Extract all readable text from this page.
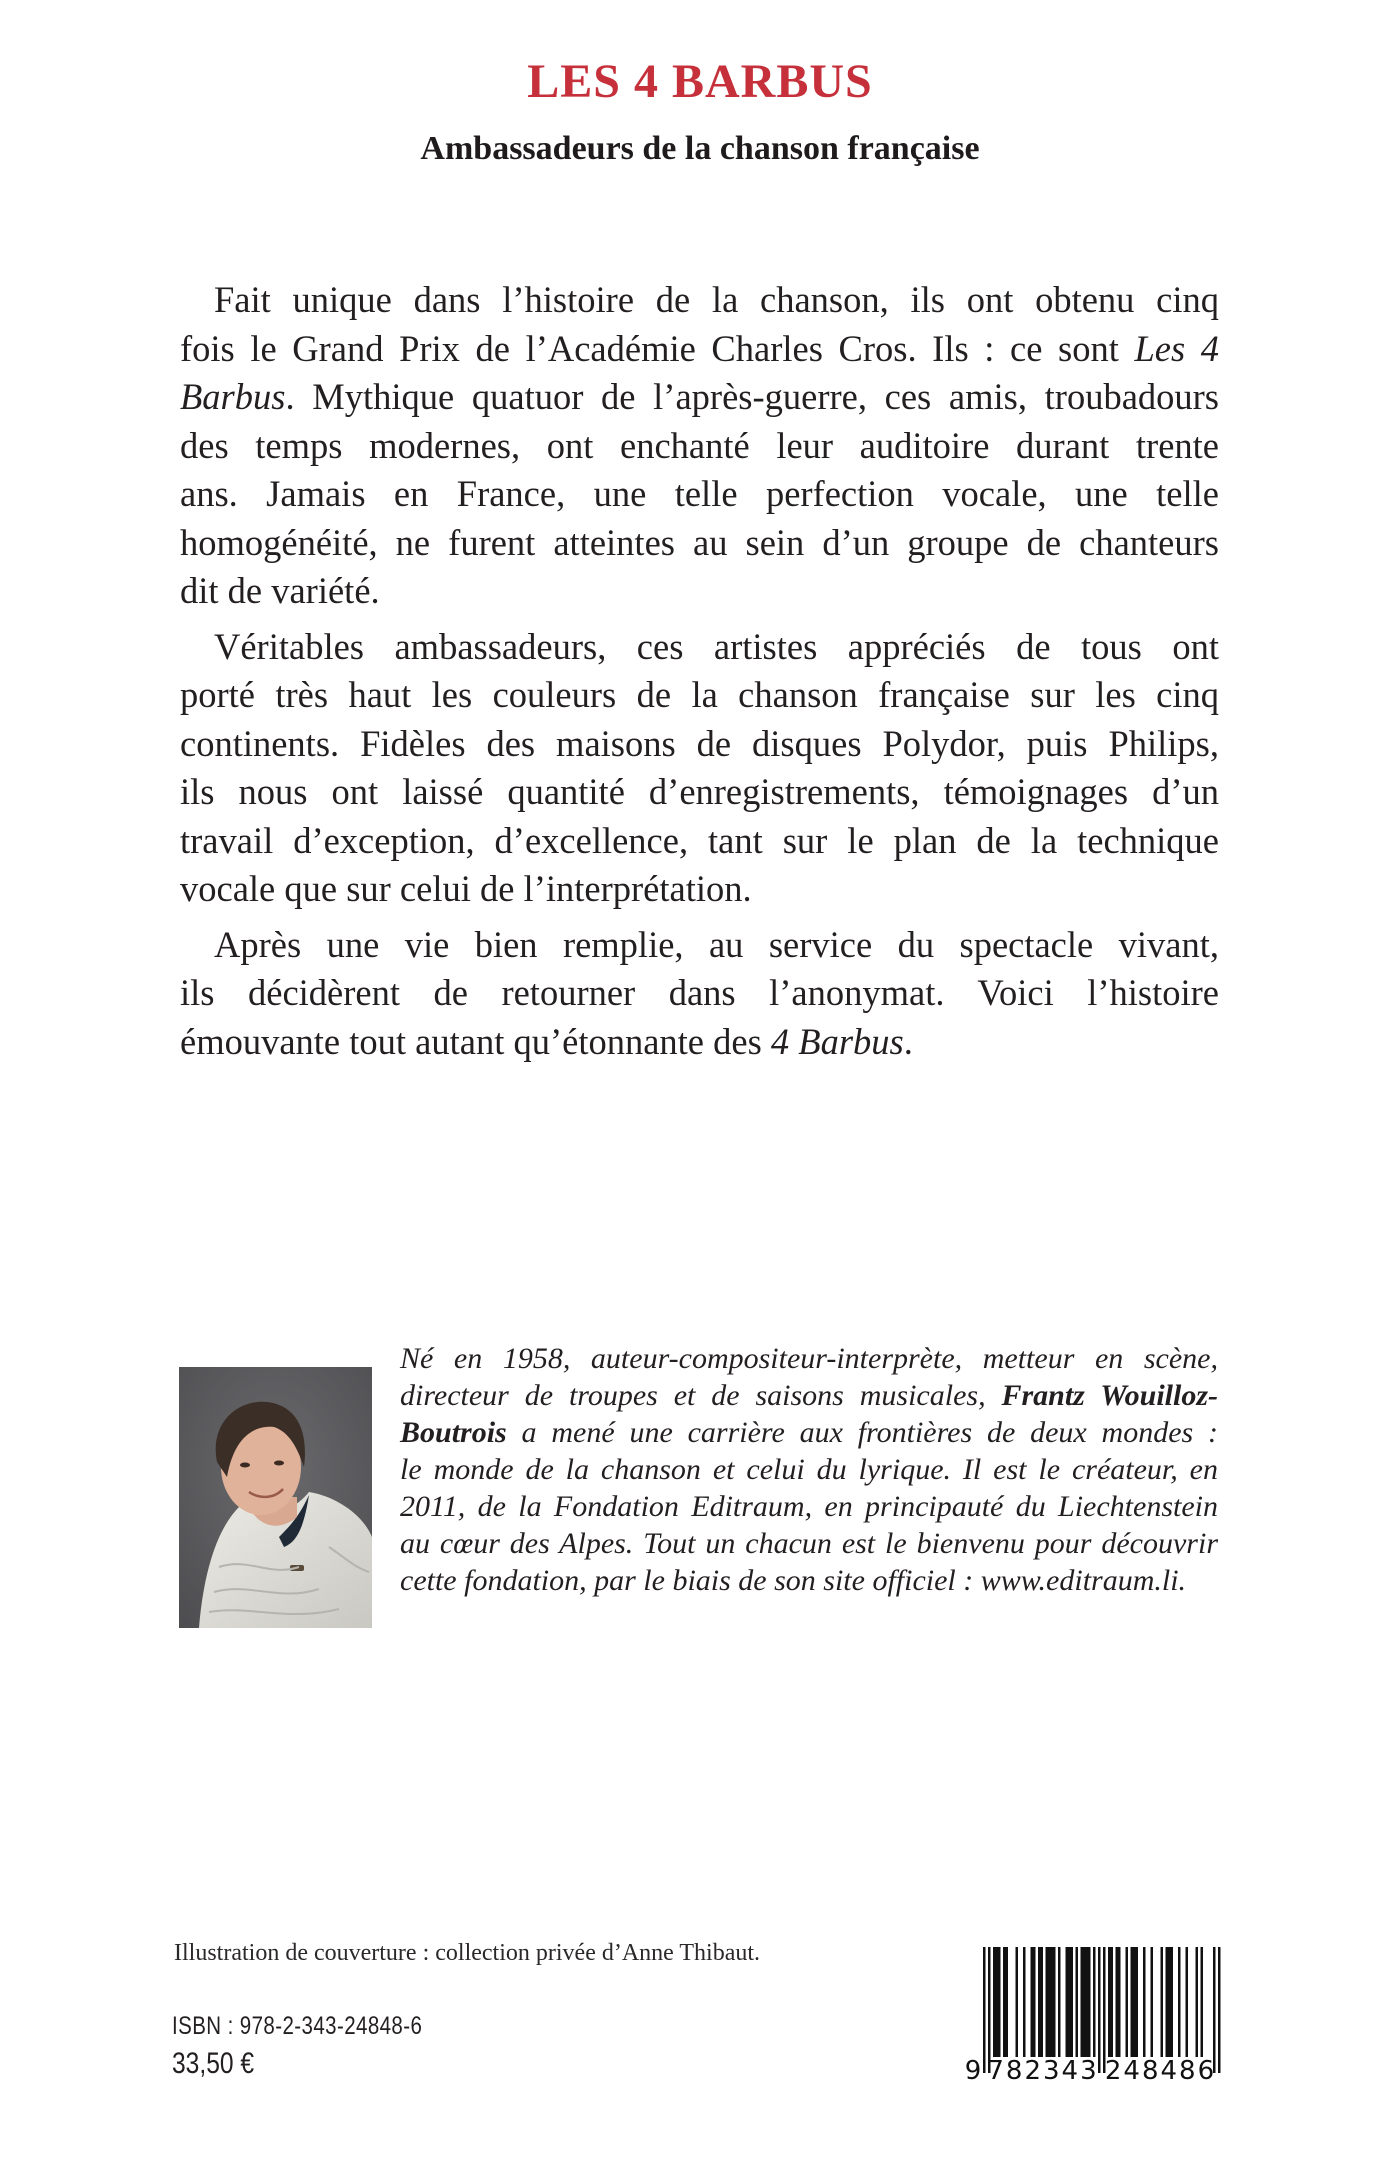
LES 4 BARBUS
Ambassadeurs de la chanson française

Fait unique dans l’histoire de la chanson, ils ont obtenu cinq
fois le Grand Prix de l’Académie Charles Cros. Ils : ce sont Les 4
Barbus. Mythique quatuor de l’après-guerre, ces amis, troubadours
des temps modernes, ont enchanté leur auditoire durant trente
ans. Jamais en France, une telle perfection vocale, une telle
homogénéité, ne furent atteintes au sein d’un groupe de chanteurs
dit de variété.

Véritables ambassadeurs, ces artistes appréciés de tous ont
porté très haut les couleurs de la chanson française sur les cinq
continents. Fidèles des maisons de disques Polydor, puis Philips,
ils nous ont laissé quantité d’enregistrements, témoignages d’un
travail d’exception, d’excellence, tant sur le plan de la technique
vocale que sur celui de l’interprétation.

Après une vie bien remplie, au service du spectacle vivant,
ils décidèrent de retourner dans l’anonymat. Voici l’histoire
émouvante tout autant qu’étonnante des 4 Barbus.

Né en 1958, auteur-compositeur-interprète, metteur en scène,
directeur de troupes et de saisons musicales, Frantz Wouilloz-
Boutrois a mené une carrière aux frontières de deux mondes :
le monde de la chanson et celui du lyrique. Il est le créateur, en
2011, de la Fondation Editraum, en principauté du Liechtenstein
au cœur des Alpes. Tout un chacun est le bienvenu pour découvrir
cette fondation, par le biais de son site officiel : www.editraum.li.
Illustration de couverture : collection privée d’Anne Thibaut.
ISBN : 978-2-343-24848-6
33,50 €	9 782343 248486
